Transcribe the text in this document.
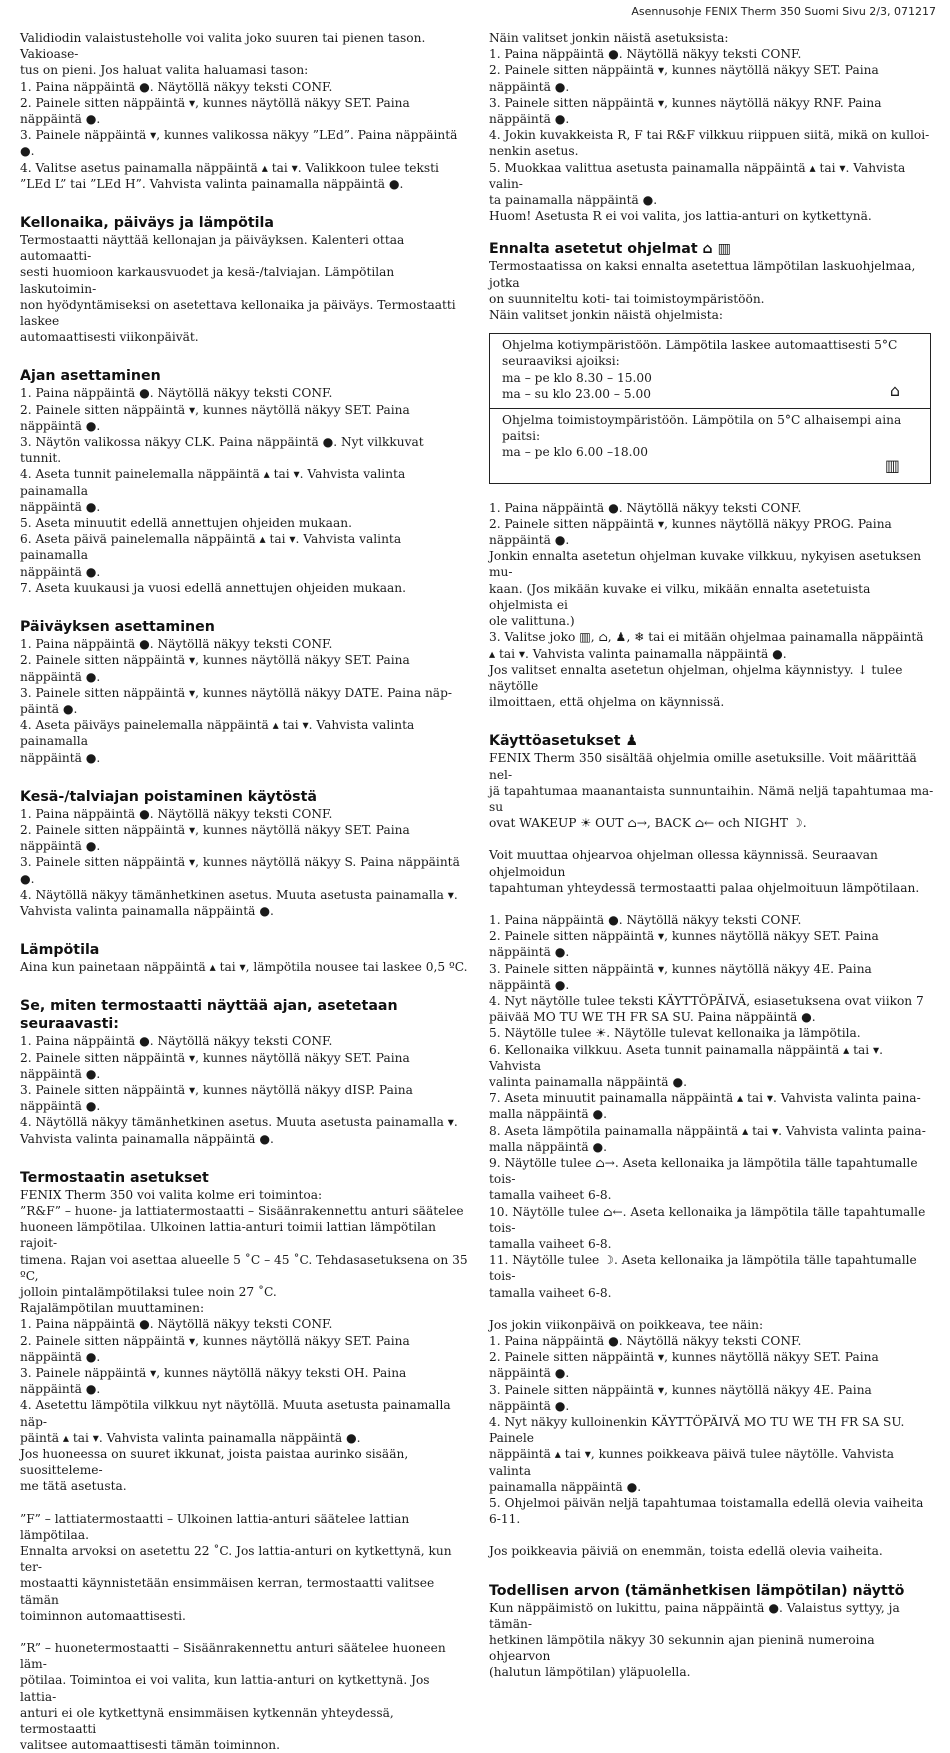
Asennusohje FENIX Therm 350 Suomi Sivu 2/3, 071217

Validiodin valaistusteholle voi valita joko suuren tai pienen tason. Vakioase-

tus on pieni. Jos haluat valita haluamasi tason:

1. Paina näppäintä ●. Näytöllä näkyy teksti CONF.

2. Painele sitten näppäintä ▾, kunnes näytöllä näkyy SET. Paina näppäintä ●.

3. Painele näppäintä ▾, kunnes valikossa näkyy ”LEd”. Paina näppäintä ●.

4. Valitse asetus painamalla näppäintä ▴ tai ▾. Valikkoon tulee teksti

”LEd L” tai ”LEd H”. Vahvista valinta painamalla näppäintä ●.

Kellonaika, päiväys ja lämpötila

Termostaatti näyttää kellonajan ja päiväyksen. Kalenteri ottaa automaatti-

sesti huomioon karkausvuodet ja kesä-/talviajan. Lämpötilan laskutoimin-

non hyödyntämiseksi on asetettava kellonaika ja päiväys. Termostaatti laskee

automaattisesti viikonpäivät.

Ajan asettaminen

1. Paina näppäintä ●. Näytöllä näkyy teksti CONF.

2. Painele sitten näppäintä ▾, kunnes näytöllä näkyy SET. Paina näppäintä ●.

3. Näytön valikossa näkyy CLK. Paina näppäintä ●. Nyt vilkkuvat tunnit.

4. Aseta tunnit painelemalla näppäintä ▴ tai ▾. Vahvista valinta painamalla

näppäintä ●.

5. Aseta minuutit edellä annettujen ohjeiden mukaan.

6. Aseta päivä painelemalla näppäintä ▴ tai ▾. Vahvista valinta painamalla

näppäintä ●.

7. Aseta kuukausi ja vuosi edellä annettujen ohjeiden mukaan.

Päiväyksen asettaminen

1. Paina näppäintä ●. Näytöllä näkyy teksti CONF.

2. Painele sitten näppäintä ▾, kunnes näytöllä näkyy SET. Paina näppäintä ●.

3. Painele sitten näppäintä ▾, kunnes näytöllä näkyy DATE. Paina näp-

päintä ●.

4. Aseta päiväys painelemalla näppäintä ▴ tai ▾. Vahvista valinta painamalla

näppäintä ●.

Kesä-/talviajan poistaminen käytöstä

1. Paina näppäintä ●. Näytöllä näkyy teksti CONF.

2. Painele sitten näppäintä ▾, kunnes näytöllä näkyy SET. Paina näppäintä ●.

3. Painele sitten näppäintä ▾, kunnes näytöllä näkyy S. Paina näppäintä ●.

4. Näytöllä näkyy tämänhetkinen asetus. Muuta asetusta painamalla ▾.

Vahvista valinta painamalla näppäintä ●.

Lämpötila

Aina kun painetaan näppäintä ▴ tai ▾, lämpötila nousee tai laskee 0,5 ºC.

Se, miten termostaatti näyttää ajan, asetetaan seuraavasti:

1. Paina näppäintä ●. Näytöllä näkyy teksti CONF.

2. Painele sitten näppäintä ▾, kunnes näytöllä näkyy SET. Paina näppäintä ●.

3. Painele sitten näppäintä ▾, kunnes näytöllä näkyy dISP. Paina näppäintä ●.

4. Näytöllä näkyy tämänhetkinen asetus. Muuta asetusta painamalla ▾.

Vahvista valinta painamalla näppäintä ●.

Termostaatin asetukset

FENIX Therm 350 voi valita kolme eri toimintoa:

”R&F” – huone- ja lattiatermostaatti – Sisäänrakennettu anturi säätelee

huoneen lämpötilaa. Ulkoinen lattia-anturi toimii lattian lämpötilan rajoit-

timena. Rajan voi asettaa alueelle 5 ˚C – 45 ˚C. Tehdasasetuksena on 35 ºC,

jolloin pintalämpötilaksi tulee noin 27 ˚C.

Rajalämpötilan muuttaminen:

1. Paina näppäintä ●. Näytöllä näkyy teksti CONF.

2. Painele sitten näppäintä ▾, kunnes näytöllä näkyy SET. Paina näppäintä ●.

3. Painele näppäintä ▾, kunnes näytöllä näkyy teksti OH. Paina näppäintä ●.

4. Asetettu lämpötila vilkkuu nyt näytöllä. Muuta asetusta painamalla näp-

päintä ▴ tai ▾. Vahvista valinta painamalla näppäintä ●.

Jos huoneessa on suuret ikkunat, joista paistaa aurinko sisään, suositteleme-

me tätä asetusta.

”F” – lattiatermostaatti – Ulkoinen lattia-anturi säätelee lattian lämpötilaa.

Ennalta arvoksi on asetettu 22 ˚C. Jos lattia-anturi on kytkettynä, kun ter-

mostaatti käynnistetään ensimmäisen kerran, termostaatti valitsee tämän

toiminnon automaattisesti.

”R” – huonetermostaatti – Sisäänrakennettu anturi säätelee huoneen läm-

pötilaa. Toimintoa ei voi valita, kun lattia-anturi on kytkettynä. Jos lattia-

anturi ei ole kytkettynä ensimmäisen kytkennän yhteydessä, termostaatti

valitsee automaattisesti tämän toiminnon.

Näin valitset jonkin näistä asetuksista:

1. Paina näppäintä ●. Näytöllä näkyy teksti CONF.

2. Painele sitten näppäintä ▾, kunnes näytöllä näkyy SET. Paina näppäintä ●.

3. Painele sitten näppäintä ▾, kunnes näytöllä näkyy RNF. Paina näppäintä ●.

4. Jokin kuvakkeista R, F tai R&F vilkkuu riippuen siitä, mikä on kulloi-

nenkin asetus.

5. Muokkaa valittua asetusta painamalla näppäintä ▴ tai ▾. Vahvista valin-

ta painamalla näppäintä ●.

Huom! Asetusta R ei voi valita, jos lattia-anturi on kytkettynä.

Ennalta asetetut ohjelmat ⌂ ▥

Termostaatissa on kaksi ennalta asetettua lämpötilan laskuohjelmaa, jotka

on suunniteltu koti- tai toimistoympäristöön.

Näin valitset jonkin näistä ohjelmista:

Ohjelma kotiympäristöön. Lämpötila laskee automaattisesti 5°C

seuraaviksi ajoiksi:

ma – pe klo 8.30 – 15.00

ma – su klo 23.00 – 5.00	⌂

Ohjelma toimistoympäristöön. Lämpötila on 5°C alhaisempi aina paitsi:

ma – pe klo 6.00 –18.00

▥

1. Paina näppäintä ●. Näytöllä näkyy teksti CONF.

2. Painele sitten näppäintä ▾, kunnes näytöllä näkyy PROG. Paina näppäintä ●.

Jonkin ennalta asetetun ohjelman kuvake vilkkuu, nykyisen asetuksen mu-

kaan. (Jos mikään kuvake ei vilku, mikään ennalta asetetuista ohjelmista ei

ole valittuna.)

3. Valitse joko ▥, ⌂, ♟, ❄ tai ei mitään ohjelmaa painamalla näppäintä

▴ tai ▾. Vahvista valinta painamalla näppäintä ●.

Jos valitset ennalta asetetun ohjelman, ohjelma käynnistyy. ↓ tulee näytölle

ilmoittaen, että ohjelma on käynnissä.

Käyttöasetukset ♟

FENIX Therm 350 sisältää ohjelmia omille asetuksille. Voit määrittää nel-

jä tapahtumaa maanantaista sunnuntaihin. Nämä neljä tapahtumaa ma-su

ovat WAKEUP ☀ OUT ⌂→, BACK ⌂← och NIGHT ☽.

Voit muuttaa ohjearvoa ohjelman ollessa käynnissä. Seuraavan ohjelmoidun

tapahtuman yhteydessä termostaatti palaa ohjelmoituun lämpötilaan.

1. Paina näppäintä ●. Näytöllä näkyy teksti CONF.

2. Painele sitten näppäintä ▾, kunnes näytöllä näkyy SET. Paina näppäintä ●.

3. Painele sitten näppäintä ▾, kunnes näytöllä näkyy 4E. Paina näppäintä ●.

4. Nyt näytölle tulee teksti KÄYTTÖPÄIVÄ, esiasetuksena ovat viikon 7

päivää MO TU WE TH FR SA SU. Paina näppäintä ●.

5. Näytölle tulee ☀. Näytölle tulevat kellonaika ja lämpötila.

6. Kellonaika vilkkuu. Aseta tunnit painamalla näppäintä ▴ tai ▾. Vahvista

valinta painamalla näppäintä ●.

7. Aseta minuutit painamalla näppäintä ▴ tai ▾. Vahvista valinta paina-

malla näppäintä ●.

8. Aseta lämpötila painamalla näppäintä ▴ tai ▾. Vahvista valinta paina-

malla näppäintä ●.

9. Näytölle tulee ⌂→. Aseta kellonaika ja lämpötila tälle tapahtumalle tois-

tamalla vaiheet 6-8.

10. Näytölle tulee ⌂←. Aseta kellonaika ja lämpötila tälle tapahtumalle tois-

tamalla vaiheet 6-8.

11. Näytölle tulee ☽. Aseta kellonaika ja lämpötila tälle tapahtumalle tois-

tamalla vaiheet 6-8.

Jos jokin viikonpäivä on poikkeava, tee näin:

1. Paina näppäintä ●. Näytöllä näkyy teksti CONF.

2. Painele sitten näppäintä ▾, kunnes näytöllä näkyy SET. Paina näppäintä ●.

3. Painele sitten näppäintä ▾, kunnes näytöllä näkyy 4E. Paina näppäintä ●.

4. Nyt näkyy kulloinenkin KÄYTTÖPÄIVÄ MO TU WE TH FR SA SU. Painele

näppäintä ▴ tai ▾, kunnes poikkeava päivä tulee näytölle. Vahvista valinta

painamalla näppäintä ●.

5. Ohjelmoi päivän neljä tapahtumaa toistamalla edellä olevia vaiheita 6-11.

Jos poikkeavia päiviä on enemmän, toista edellä olevia vaiheita.

Todellisen arvon (tämänhetkisen lämpötilan) näyttö

Kun näppäimistö on lukittu, paina näppäintä ●. Valaistus syttyy, ja tämän-

hetkinen lämpötila näkyy 30 sekunnin ajan pieninä numeroina ohjearvon

(halutun lämpötilan) yläpuolella.
